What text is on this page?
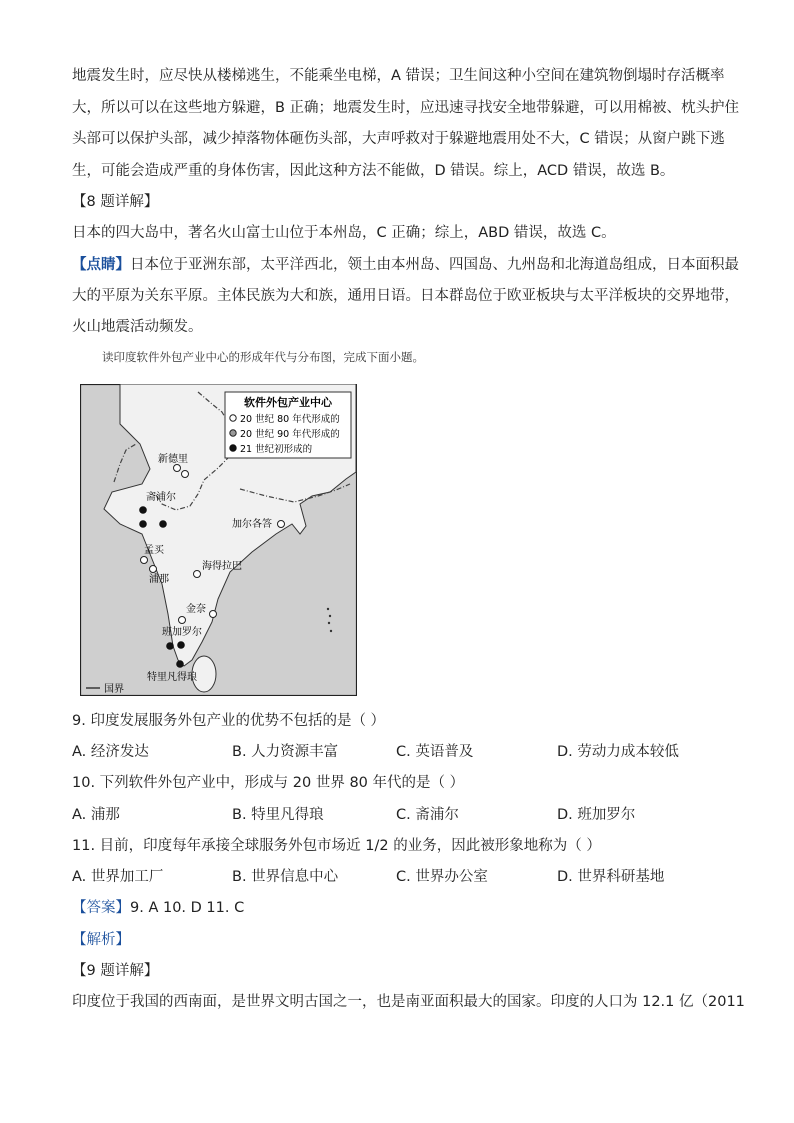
地震发生时，应尽快从楼梯逃生，不能乘坐电梯，A 错误；卫生间这种小空间在建筑物倒塌时存活概率
大，所以可以在这些地方躲避，B 正确；地震发生时，应迅速寻找安全地带躲避，可以用棉被、枕头护住
头部可以保护头部，减少掉落物体砸伤头部，大声呼救对于躲避地震用处不大，C 错误；从窗户跳下逃
生，可能会造成严重的身体伤害，因此这种方法不能做，D 错误。综上，ACD 错误，故选 B。
【8 题详解】
日本的四大岛中，著名火山富士山位于本州岛，C 正确；综上，ABD 错误，故选 C。
【点睛】日本位于亚洲东部，太平洋西北，领土由本州岛、四国岛、九州岛和北海道岛组成，日本面积最
大的平原为关东平原。主体民族为大和族，通用日语。日本群岛位于欧亚板块与太平洋板块的交界地带，
火山地震活动频发。
读印度软件外包产业中心的形成年代与分布图，完成下面小题。
软件外包产业中心
20 世纪 80 年代形成的
20 世纪 90 年代形成的
21 世纪初形成的
新德里
斋浦尔
加尔各答
孟买
浦那
海得拉巴
金奈
班加罗尔
特里凡得琅
国界
9. 印度发展服务外包产业的优势不包括的是（ ）
A. 经济发达	B. 人力资源丰富	C. 英语普及	D. 劳动力成本较低
10. 下列软件外包产业中，形成与 20 世界 80 年代的是（ ）
A. 浦那	B. 特里凡得琅	C. 斋浦尔	D. 班加罗尔
11. 目前，印度每年承接全球服务外包市场近 1/2 的业务，因此被形象地称为（ ）
A. 世界加工厂	B. 世界信息中心	C. 世界办公室	D. 世界科研基地
【答案】9. A 10. D 11. C
【解析】
【9 题详解】
印度位于我国的西南面，是世界文明古国之一，也是南亚面积最大的国家。印度的人口为 12.1 亿（2011
